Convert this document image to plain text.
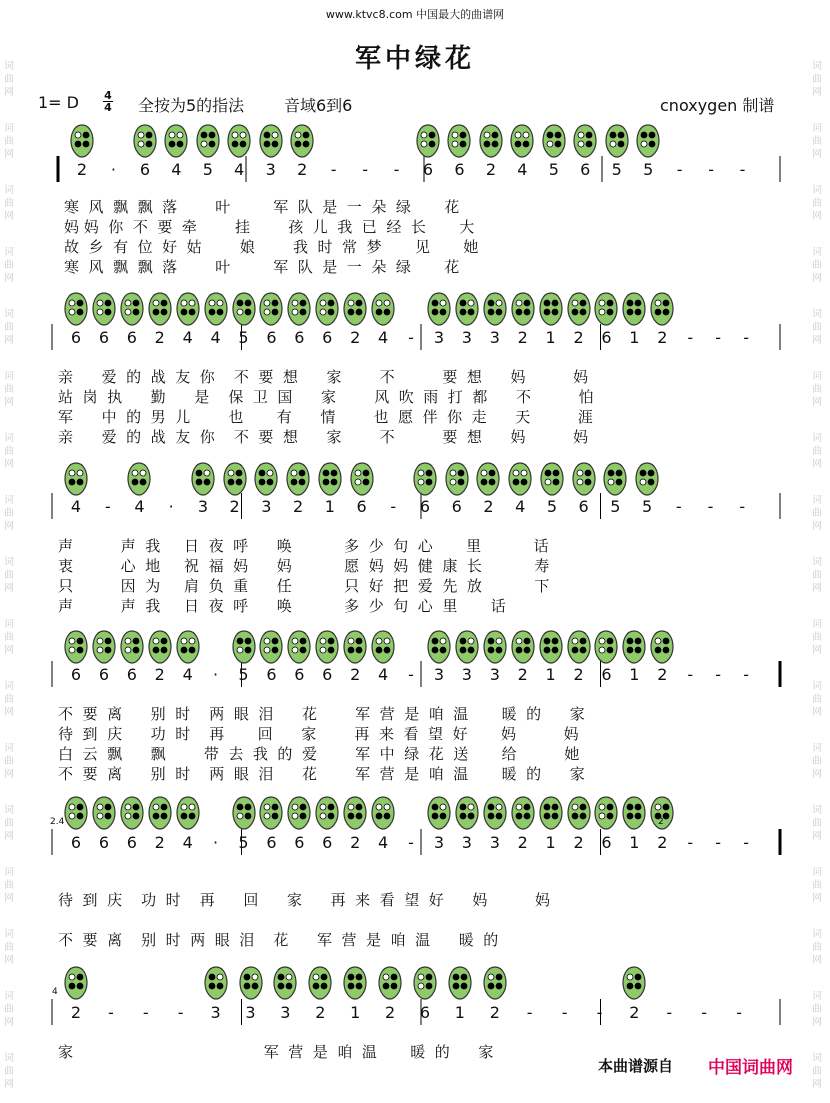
www.ktvc8.com 中国最大的曲谱网
军中绿花
1= D 4
4 全按为5的指法 音域6到6	cnoxygen 制谱
词
曲
网
词
曲
网
词
曲
网
词
曲
网
词
曲
网
词
曲
网
词
曲
网
词
曲
网
词
曲
网
词
曲
网
词
曲
网
词
曲
网
词
曲
网
词
曲
网
词
曲
网
词
曲
网
词
曲
网
词
曲
网
词
曲
网
词
曲
网
词
曲
网
词
曲
网
词
曲
网
词
曲
网
词
曲
网
词
曲
网
词
曲
网
词
曲
网
词
曲
网
词
曲
网
词
曲
网
词
曲
网
词
曲
网
词
曲
网
2	·	6	4	5	4	3	2	-	-	-	6	6	2	4	5	6	5	5	-	-	-
寒  风  飘  飘  落        叶         军  队  是  一  朵  绿       花
妈 妈  你  不  要  牵        挂        孩  儿  我  已  经  长       大
故  乡  有  位  好  姑        娘        我  时  常  梦       见       她
寒  风  飘  飘  落        叶         军  队  是  一  朵  绿       花
6	6	6	2	4	4	5	6	6	6	2	4	-	3	3	3	2	1	2	6	1	2	-	-	-
亲      爱  的  战  友  你    不  要  想      家        不          要  想      妈          妈
站  岗  执      勤      是    保  卫  国      家        风  吹  雨  打  都      不          怕
军      中  的  男  儿        也       有      情        也  愿  伴  你  走      天          涯
亲      爱  的  战  友  你    不  要  想      家        不          要  想      妈          妈
4	-	4	·	3	2	3	2	1	6	-	6	6	2	4	5	6	5	5	-	-	-
声          声  我     日  夜  呼      唤           多  少  句  心       里           话
衷          心  地     祝  福  妈      妈           愿  妈  妈  健  康  长           寿
只          因  为     肩  负  重      任           只  好  把  爱  先  放           下
声          声  我     日  夜  呼      唤           多  少  句  心  里       话
6	6	6	2	4	·	5	6	6	6	2	4	-	3	3	3	2	1	2	6	1	2	-	-	-
不  要  离      别  时    两  眼  泪      花        军  营  是  咱  温       暖  的      家
待  到  庆      功  时    再       回      家        再  来  看  望  好       妈          妈
白  云  飘      飘        带  去  我  的  爱        军  中  绿  花  送       给          她
不  要  离      别  时    两  眼  泪      花        军  营  是  咱  温       暖  的      家
6	6	6	2	4	·	5	6	6	6	2	4	-	3	3	3	2	1	2	6	1	2	-	-	-
待  到  庆    功  时    再      回      家      再  来  看  望  好      妈          妈
不  要  离    别  时  两  眼  泪    花      军  营  是  咱  温      暖  的
2.4	2
2	-	-	-	3	3	3	2	1	2	6	1	2	-	-	-	2	-	-	-
家                                        军  营  是  咱  温       暖  的      家
4
本曲谱源自 中国词曲网
